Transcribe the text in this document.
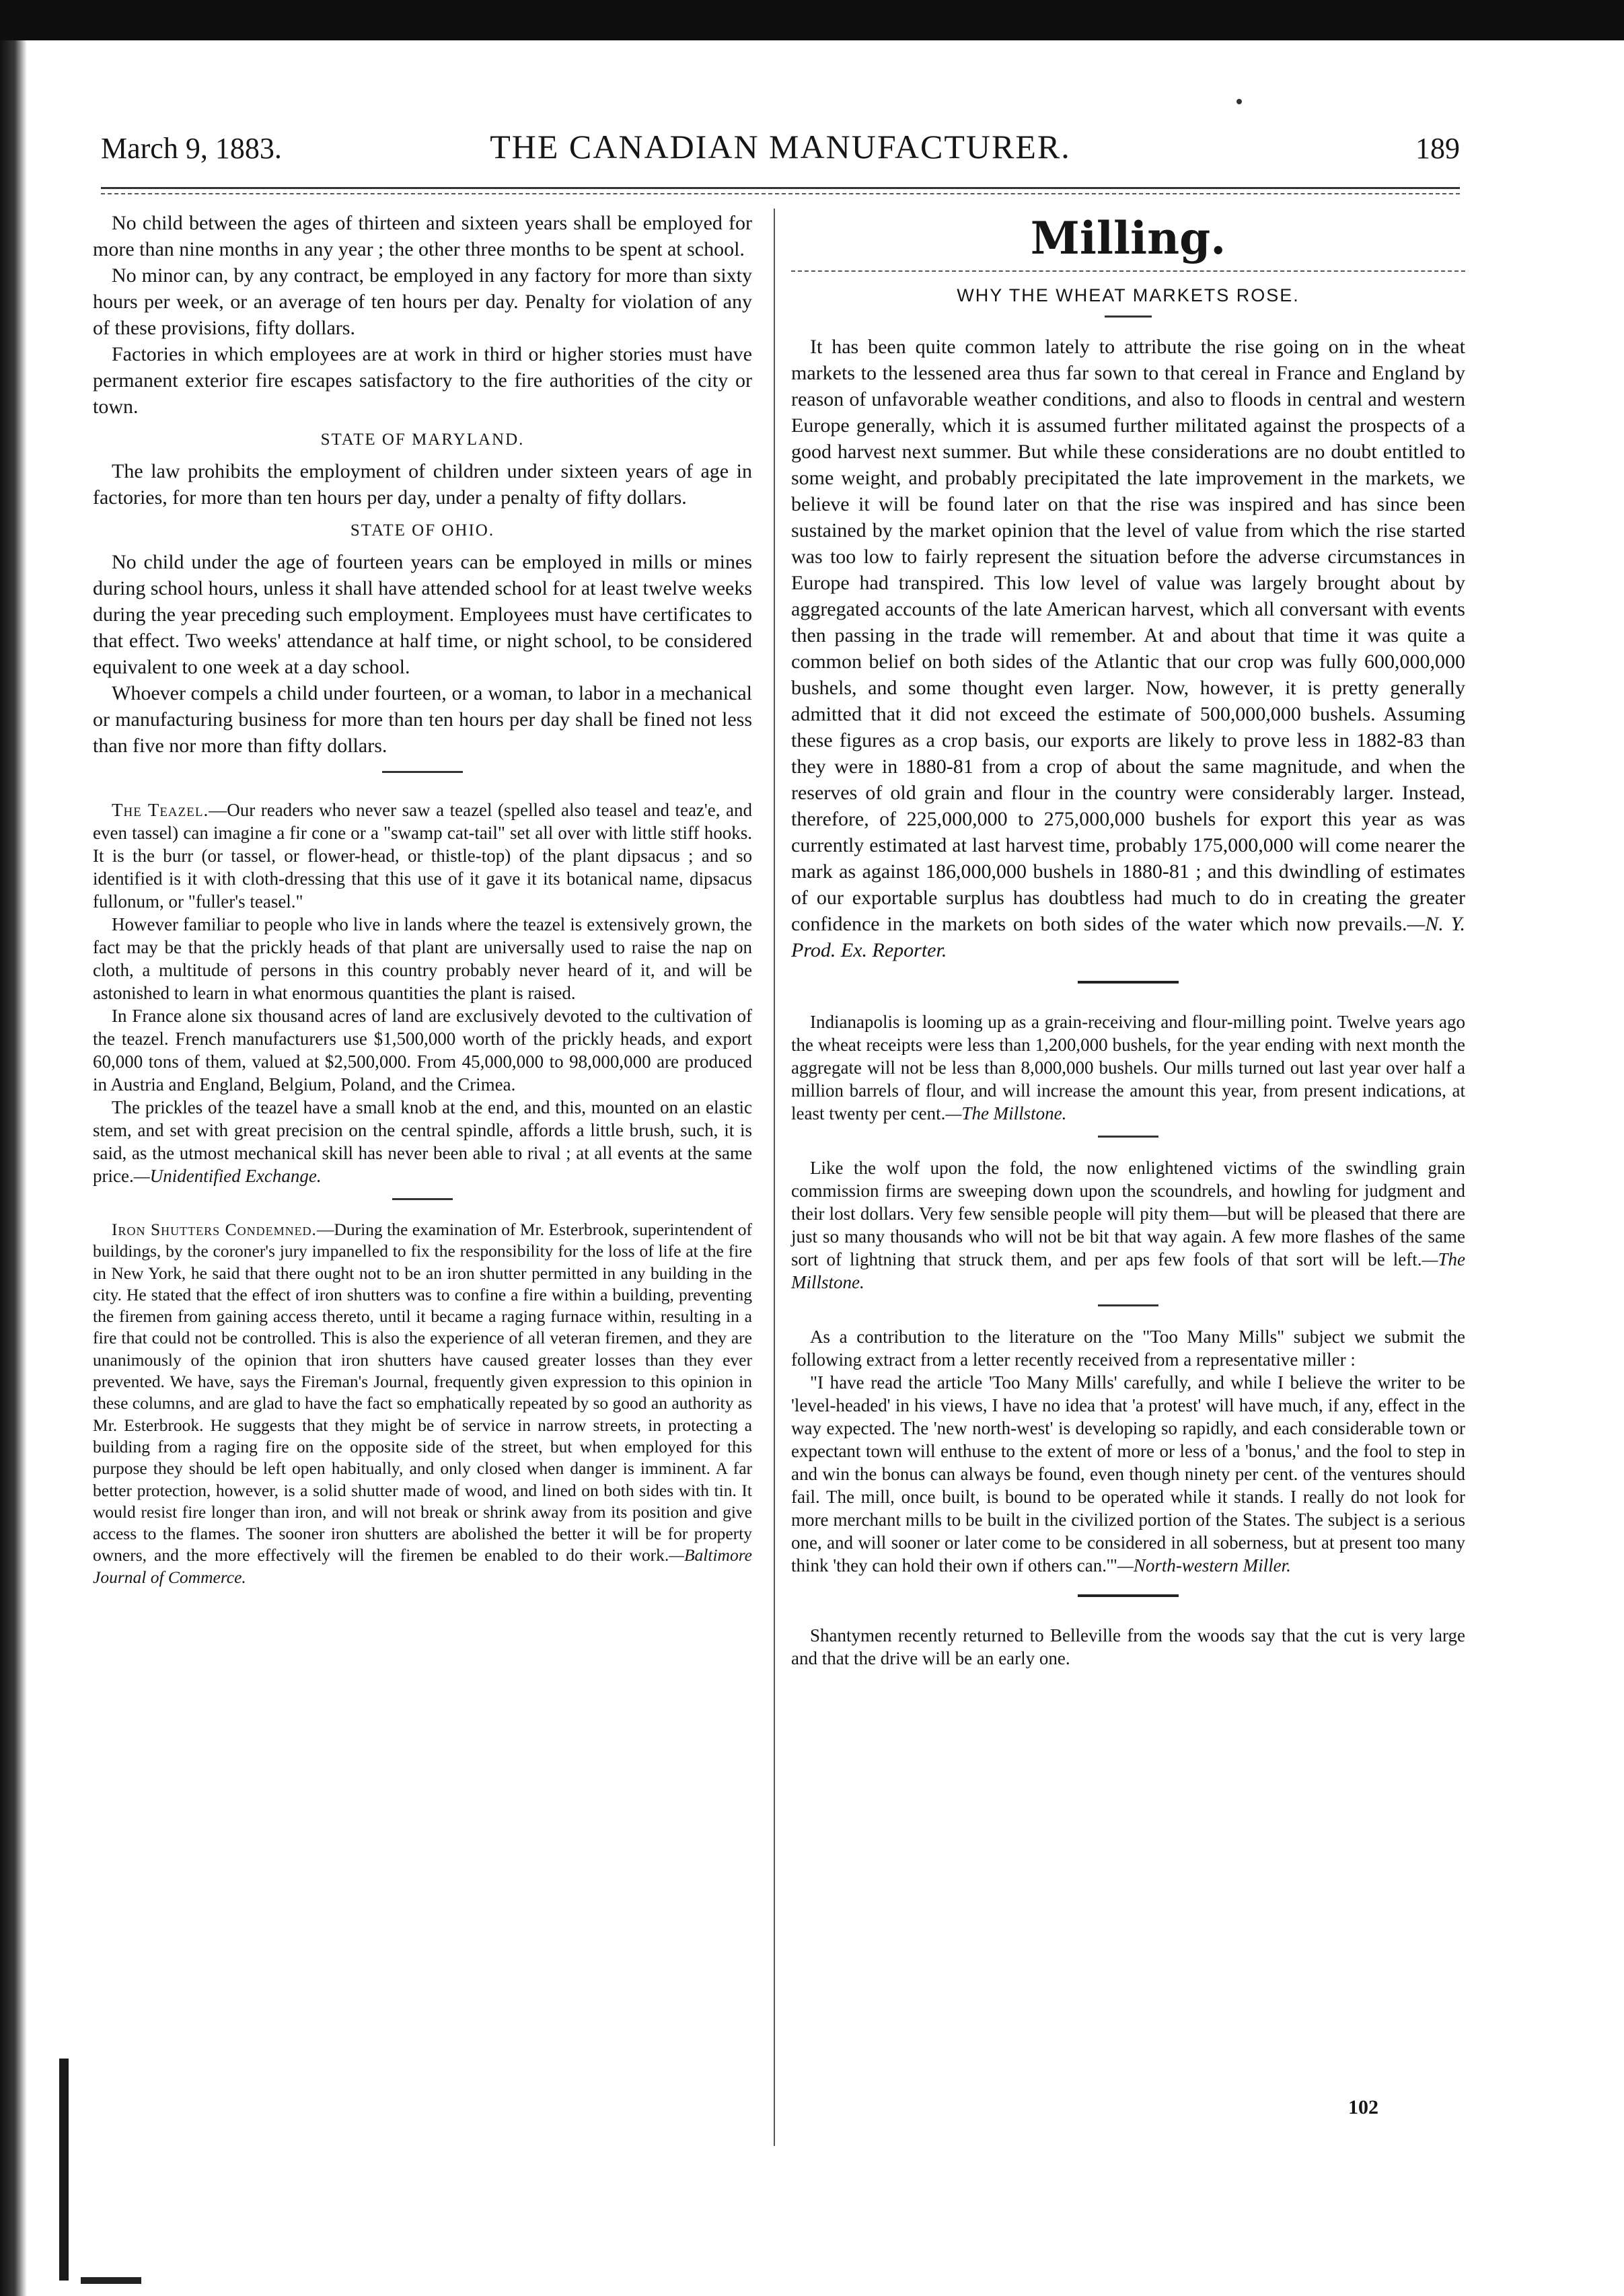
March 9, 1883.	THE CANADIAN MANUFACTURER.	189

No child between the ages of thirteen and sixteen years shall be employed for more than nine months in any year ; the other three months to be spent at school.

No minor can, by any contract, be employed in any factory for more than sixty hours per week, or an average of ten hours per day. Penalty for violation of any of these provisions, fifty dollars.

Factories in which employees are at work in third or higher stories must have permanent exterior fire escapes satisfactory to the fire authorities of the city or town.

STATE OF MARYLAND.

The law prohibits the employment of children under sixteen years of age in factories, for more than ten hours per day, under a penalty of fifty dollars.

STATE OF OHIO.

No child under the age of fourteen years can be employed in mills or mines during school hours, unless it shall have attended school for at least twelve weeks during the year preceding such employment. Employees must have certificates to that effect. Two weeks' attendance at half time, or night school, to be considered equivalent to one week at a day school.

Whoever compels a child under fourteen, or a woman, to labor in a mechanical or manufacturing business for more than ten hours per day shall be fined not less than five nor more than fifty dollars.

The Teazel.—Our readers who never saw a teazel (spelled also teasel and teaz'e, and even tassel) can imagine a fir cone or a "swamp cat-tail" set all over with little stiff hooks. It is the burr (or tassel, or flower-head, or thistle-top) of the plant dipsacus ; and so identified is it with cloth-dressing that this use of it gave it its botanical name, dipsacus fullonum, or "fuller's teasel."

However familiar to people who live in lands where the teazel is extensively grown, the fact may be that the prickly heads of that plant are universally used to raise the nap on cloth, a multitude of persons in this country probably never heard of it, and will be astonished to learn in what enormous quantities the plant is raised.

In France alone six thousand acres of land are exclusively devoted to the cultivation of the teazel. French manufacturers use $1,500,000 worth of the prickly heads, and export 60,000 tons of them, valued at $2,500,000. From 45,000,000 to 98,000,000 are produced in Austria and England, Belgium, Poland, and the Crimea.

The prickles of the teazel have a small knob at the end, and this, mounted on an elastic stem, and set with great precision on the central spindle, affords a little brush, such, it is said, as the utmost mechanical skill has never been able to rival ; at all events at the same price.—Unidentified Exchange.

Iron Shutters Condemned.—During the examination of Mr. Esterbrook, superintendent of buildings, by the coroner's jury impanelled to fix the responsibility for the loss of life at the fire in New York, he said that there ought not to be an iron shutter permitted in any building in the city. He stated that the effect of iron shutters was to confine a fire within a building, preventing the firemen from gaining access thereto, until it became a raging furnace within, resulting in a fire that could not be controlled. This is also the experience of all veteran firemen, and they are unanimously of the opinion that iron shutters have caused greater losses than they ever prevented. We have, says the Fireman's Journal, frequently given expression to this opinion in these columns, and are glad to have the fact so emphatically repeated by so good an authority as Mr. Esterbrook. He suggests that they might be of service in narrow streets, in protecting a building from a raging fire on the opposite side of the street, but when employed for this purpose they should be left open habitually, and only closed when danger is imminent. A far better protection, however, is a solid shutter made of wood, and lined on both sides with tin. It would resist fire longer than iron, and will not break or shrink away from its position and give access to the flames. The sooner iron shutters are abolished the better it will be for property owners, and the more effectively will the firemen be enabled to do their work.—Baltimore Journal of Commerce.

Milling.
WHY THE WHEAT MARKETS ROSE.

It has been quite common lately to attribute the rise going on in the wheat markets to the lessened area thus far sown to that cereal in France and England by reason of unfavorable weather conditions, and also to floods in central and western Europe generally, which it is assumed further militated against the prospects of a good harvest next summer. But while these considerations are no doubt entitled to some weight, and probably precipitated the late improvement in the markets, we believe it will be found later on that the rise was inspired and has since been sustained by the market opinion that the level of value from which the rise started was too low to fairly represent the situation before the adverse circumstances in Europe had transpired. This low level of value was largely brought about by aggregated accounts of the late American harvest, which all conversant with events then passing in the trade will remember. At and about that time it was quite a common belief on both sides of the Atlantic that our crop was fully 600,000,000 bushels, and some thought even larger. Now, however, it is pretty generally admitted that it did not exceed the estimate of 500,000,000 bushels. Assuming these figures as a crop basis, our exports are likely to prove less in 1882-83 than they were in 1880-81 from a crop of about the same magnitude, and when the reserves of old grain and flour in the country were considerably larger. Instead, therefore, of 225,000,000 to 275,000,000 bushels for export this year as was currently estimated at last harvest time, probably 175,000,000 will come nearer the mark as against 186,000,000 bushels in 1880-81 ; and this dwindling of estimates of our exportable surplus has doubtless had much to do in creating the greater confidence in the markets on both sides of the water which now prevails.—N. Y. Prod. Ex. Reporter.

Indianapolis is looming up as a grain-receiving and flour-milling point. Twelve years ago the wheat receipts were less than 1,200,000 bushels, for the year ending with next month the aggregate will not be less than 8,000,000 bushels. Our mills turned out last year over half a million barrels of flour, and will increase the amount this year, from present indications, at least twenty per cent.—The Millstone.

Like the wolf upon the fold, the now enlightened victims of the swindling grain commission firms are sweeping down upon the scoundrels, and howling for judgment and their lost dollars. Very few sensible people will pity them—but will be pleased that there are just so many thousands who will not be bit that way again. A few more flashes of the same sort of lightning that struck them, and per aps few fools of that sort will be left.—The Millstone.

As a contribution to the literature on the "Too Many Mills" subject we submit the following extract from a letter recently received from a representative miller :

"I have read the article 'Too Many Mills' carefully, and while I believe the writer to be 'level-headed' in his views, I have no idea that 'a protest' will have much, if any, effect in the way expected. The 'new north-west' is developing so rapidly, and each considerable town or expectant town will enthuse to the extent of more or less of a 'bonus,' and the fool to step in and win the bonus can always be found, even though ninety per cent. of the ventures should fail. The mill, once built, is bound to be operated while it stands. I really do not look for more merchant mills to be built in the civilized portion of the States. The subject is a serious one, and will sooner or later come to be considered in all soberness, but at present too many think 'they can hold their own if others can.'"—North-western Miller.

Shantymen recently returned to Belleville from the woods say that the cut is very large and that the drive will be an early one.

102
